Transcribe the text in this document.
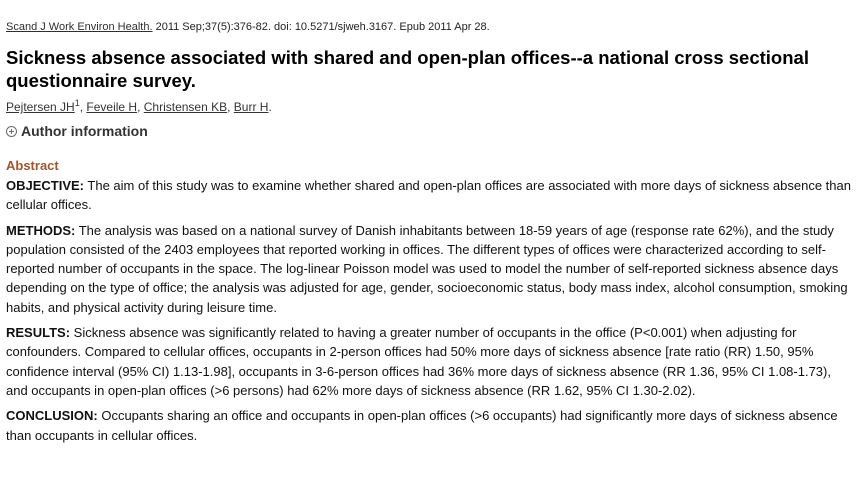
Scand J Work Environ Health. 2011 Sep;37(5):376-82. doi: 10.5271/sjweh.3167. Epub 2011 Apr 28.

Sickness absence associated with shared and open-plan offices--a national cross sectional questionnaire survey.
Pejtersen $JH^1$, Feveile H, Christensen KB, Burr H.
Author information
Abstract

OBJECTIVE: The aim of this study was to examine whether shared and open-plan offices are associated with more days of sickness absence than cellular offices.

METHODS: The analysis was based on a national survey of Danish inhabitants between 18-59 years of age (response rate 62%), and the study population consisted of the 2403 employees that reported working in offices. The different types of offices were characterized according to self-reported number of occupants in the space. The log-linear Poisson model was used to model the number of self-reported sickness absence days depending on the type of office; the analysis was adjusted for age, gender, socioeconomic status, body mass index, alcohol consumption, smoking habits, and physical activity during leisure time.

RESULTS: Sickness absence was significantly related to having a greater number of occupants in the office (P<0.001) when adjusting for confounders. Compared to cellular offices, occupants in 2-person offices had 50% more days of sickness absence [rate ratio (RR) 1.50, 95% confidence interval (95% CI) 1.13-1.98], occupants in 3-6-person offices had 36% more days of sickness absence (RR 1.36, 95% CI 1.08-1.73), and occupants in open-plan offices (>6 persons) had 62% more days of sickness absence (RR 1.62, 95% CI 1.30-2.02).

CONCLUSION: Occupants sharing an office and occupants in open-plan offices (>6 occupants) had significantly more days of sickness absence than occupants in cellular offices.
